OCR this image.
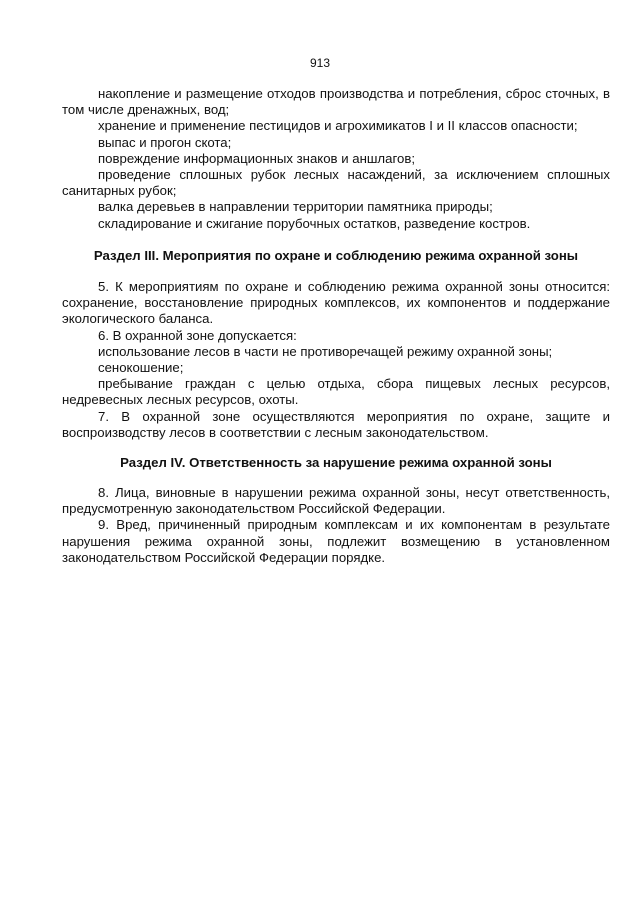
913

накопление и размещение отходов производства и потребления, сброс сточных, в том числе дренажных, вод;

хранение и применение пестицидов и агрохимикатов I и II классов опасности;

выпас и прогон скота;

повреждение информационных знаков и аншлагов;

проведение сплошных рубок лесных насаждений, за исключением сплошных санитарных рубок;

валка деревьев в направлении территории памятника природы;

складирование и сжигание порубочных остатков, разведение костров.

Раздел III. Мероприятия по охране и соблюдению режима охранной зоны

5. К мероприятиям по охране и соблюдению режима охранной зоны относится: сохранение, восстановление природных комплексов, их компонентов и поддержание экологического баланса.

6. В охранной зоне допускается:

использование лесов в части не противоречащей режиму охранной зоны;

сенокошение;

пребывание граждан с целью отдыха, сбора пищевых лесных ресурсов, недревесных лесных ресурсов, охоты.

7. В охранной зоне осуществляются мероприятия по охране, защите и воспроизводству лесов в соответствии с лесным законодательством.

Раздел IV. Ответственность за нарушение режима охранной зоны

8. Лица, виновные в нарушении режима охранной зоны, несут ответственность, предусмотренную законодательством Российской Федерации.

9. Вред, причиненный природным комплексам и их компонентам в результате нарушения режима охранной зоны, подлежит возмещению в установленном законодательством Российской Федерации порядке.
